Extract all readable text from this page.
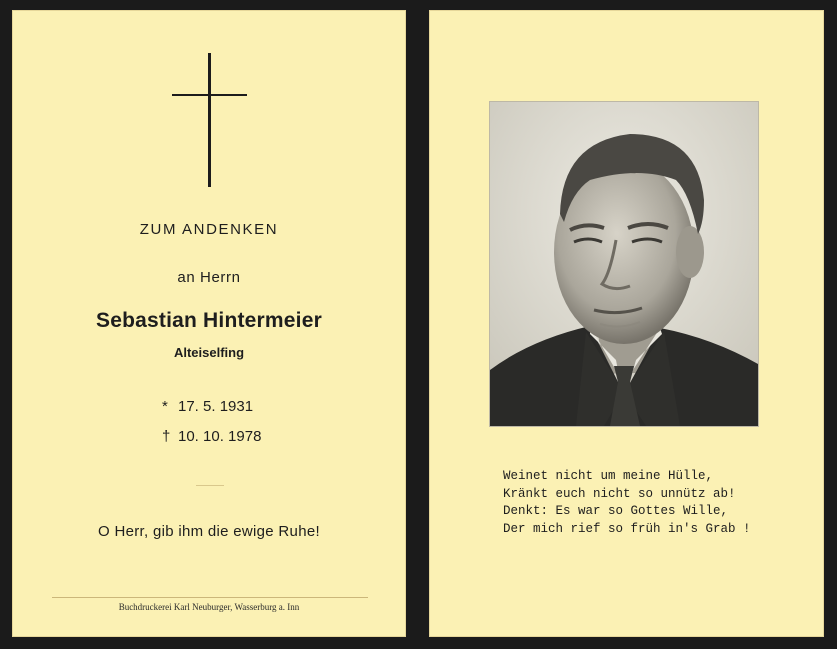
ZUM ANDENKEN
an Herrn
Sebastian Hintermeier
Alteiselfing
* 17. 5. 1931
† 10. 10. 1978
O Herr, gib ihm die ewige Ruhe!
Buchdruckerei Karl Neuburger, Wasserburg a. Inn
Weinet nicht um meine Hülle,
Kränkt euch nicht so unnütz ab!
Denkt: Es war so Gottes Wille,
Der mich rief so früh in's Grab !
